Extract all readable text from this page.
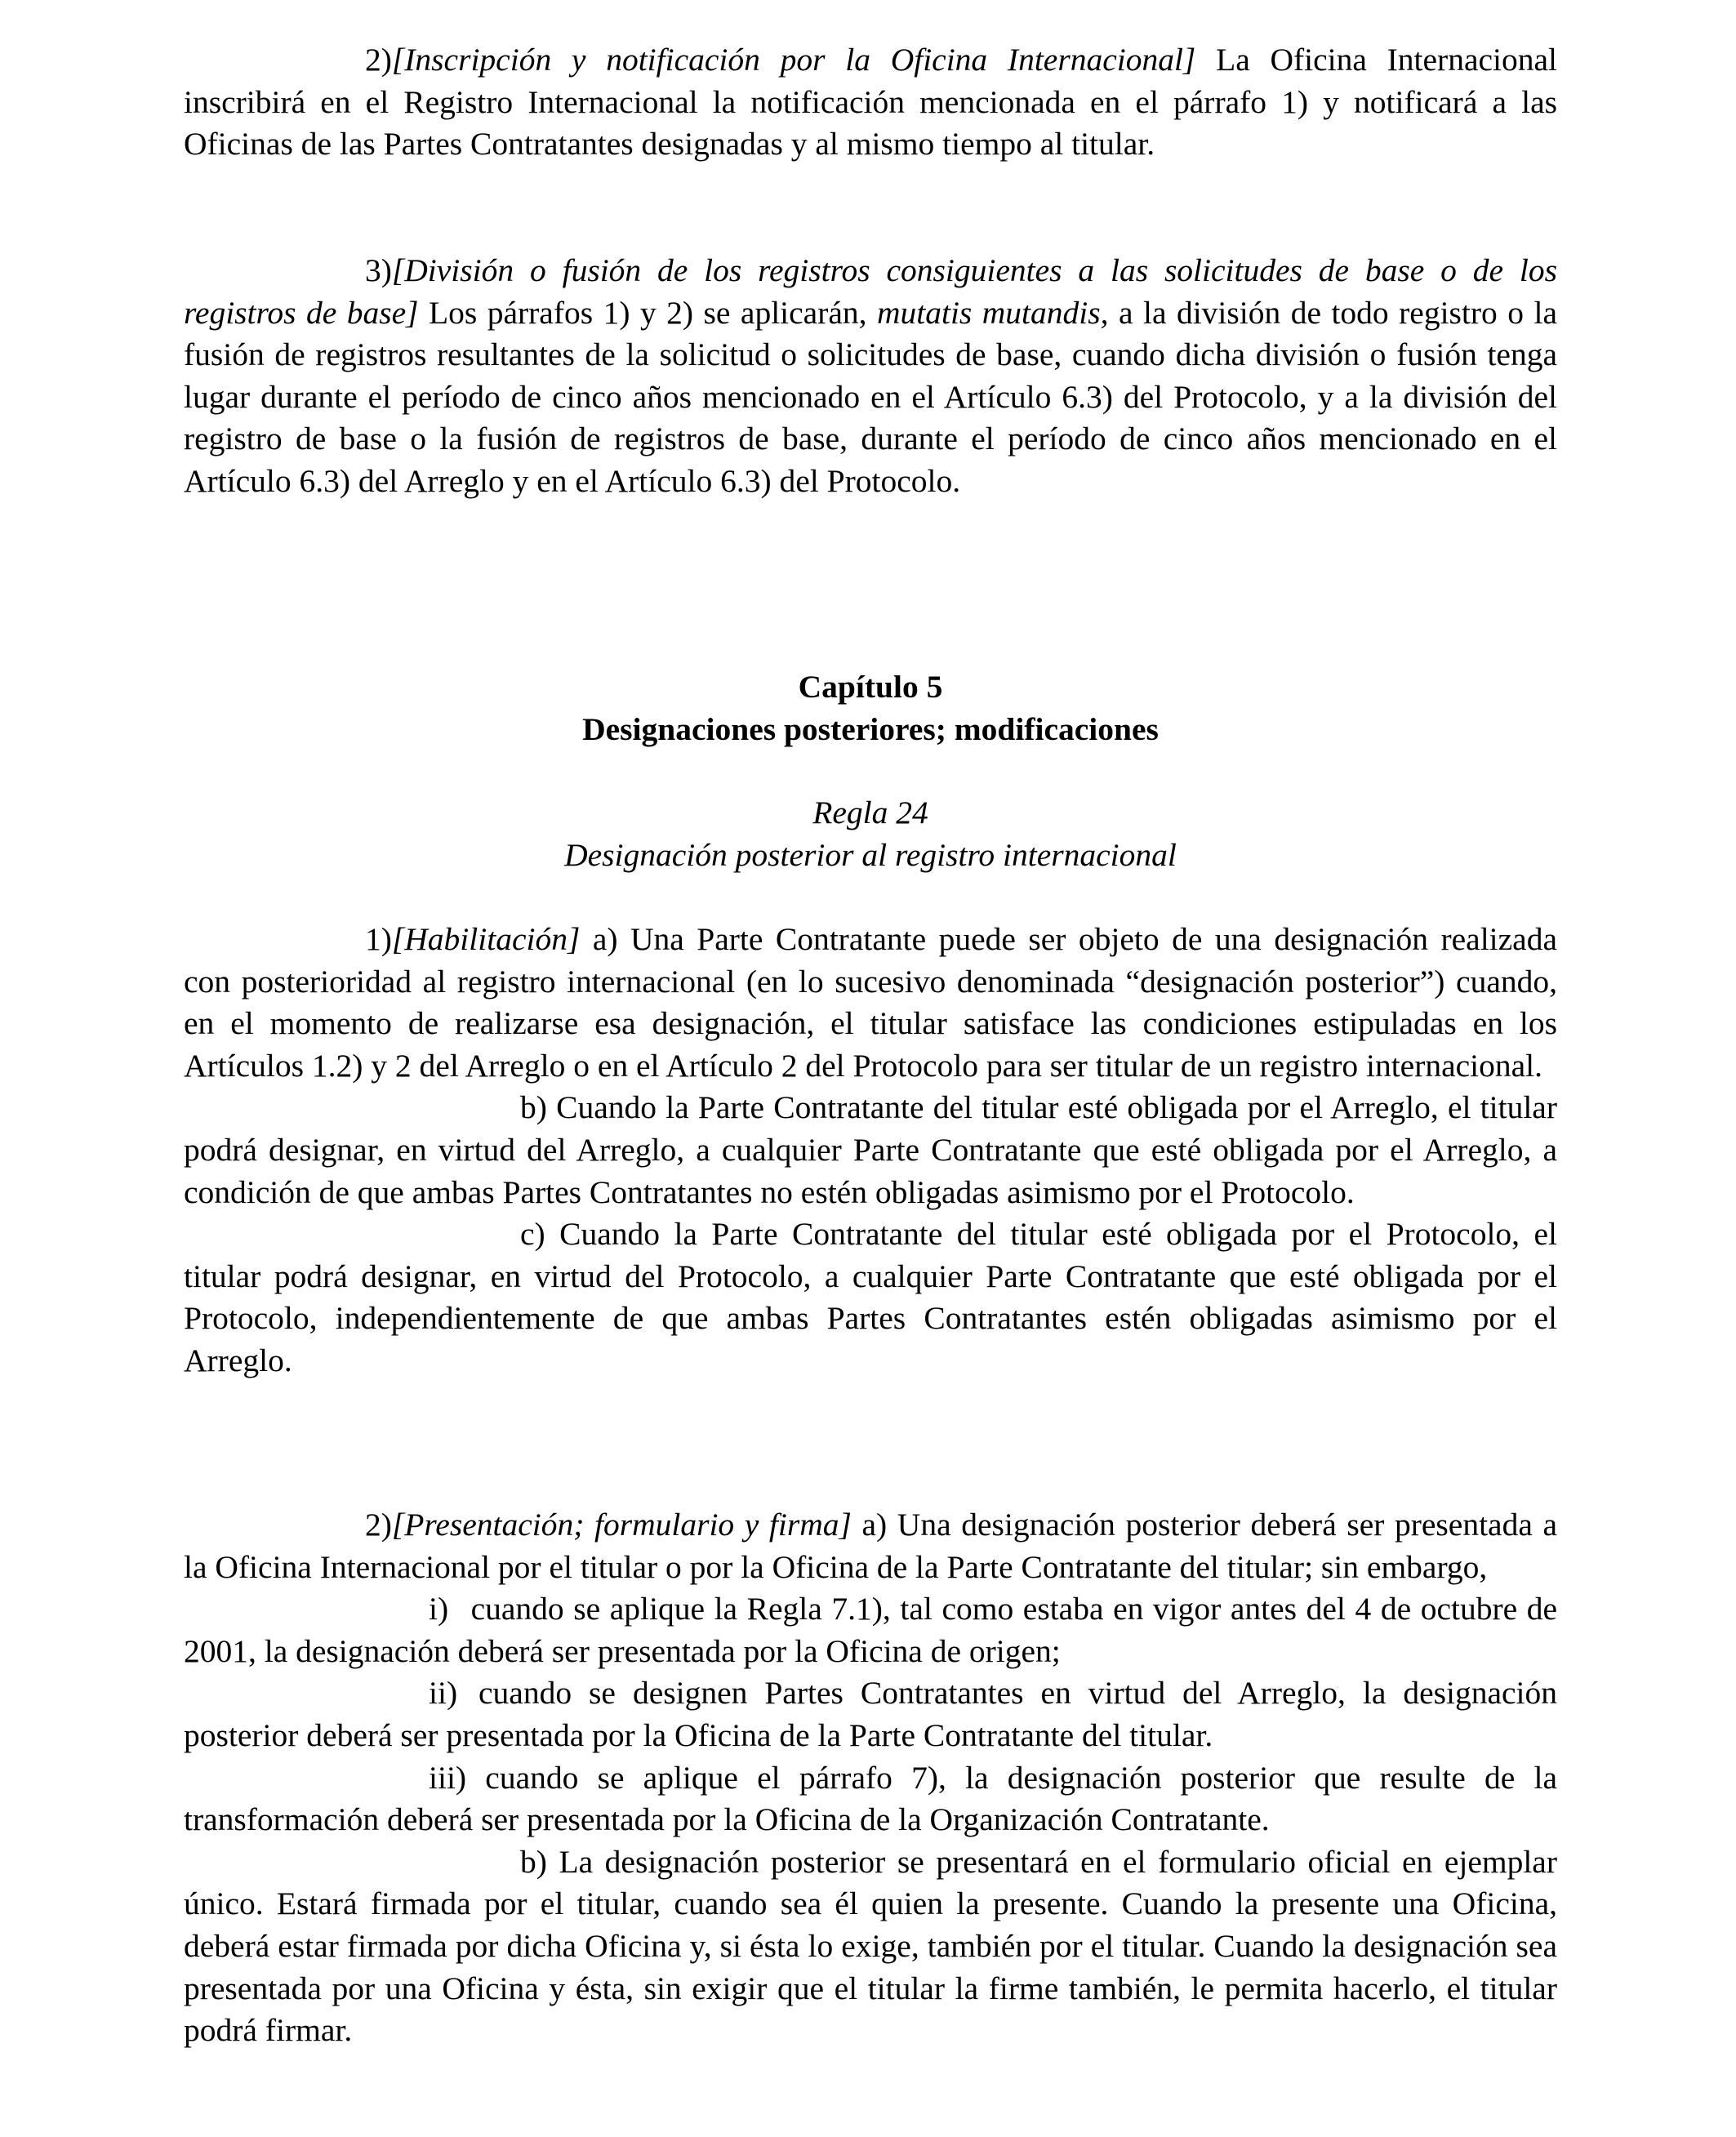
2)[Inscripción y notificación por la Oficina Internacional] La Oficina Internacional inscribirá en el Registro Internacional la notificación mencionada en el párrafo 1) y notificará a las Oficinas de las Partes Contratantes designadas y al mismo tiempo al titular.

3)[División o fusión de los registros consiguientes a las solicitudes de base o de los registros de base] Los párrafos 1) y 2) se aplicarán, mutatis mutandis, a la división de todo registro o la fusión de registros resultantes de la solicitud o solicitudes de base, cuando dicha división o fusión tenga lugar durante el período de cinco años mencionado en el Artículo 6.3) del Protocolo, y a la división del registro de base o la fusión de registros de base, durante el período de cinco años mencionado en el Artículo 6.3) del Arreglo y en el Artículo 6.3) del Protocolo.

Capítulo 5
Designaciones posteriores; modificaciones
Regla 24
Designación posterior al registro internacional

1)[Habilitación] a) Una Parte Contratante puede ser objeto de una designación realizada con posterioridad al registro internacional (en lo sucesivo denominada “designación posterior”) cuando, en el momento de realizarse esa designación, el titular satisface las condiciones estipuladas en los Artículos 1.2) y 2 del Arreglo o en el Artículo 2 del Protocolo para ser titular de un registro internacional.

b) Cuando la Parte Contratante del titular esté obligada por el Arreglo, el titular podrá designar, en virtud del Arreglo, a cualquier Parte Contratante que esté obligada por el Arreglo, a condición de que ambas Partes Contratantes no estén obligadas asimismo por el Protocolo.

c) Cuando la Parte Contratante del titular esté obligada por el Protocolo, el titular podrá designar, en virtud del Protocolo, a cualquier Parte Contratante que esté obligada por el Protocolo, independientemente de que ambas Partes Contratantes estén obligadas asimismo por el Arreglo.

2)[Presentación; formulario y firma] a) Una designación posterior deberá ser presentada a la Oficina Internacional por el titular o por la Oficina de la Parte Contratante del titular; sin embargo,

i) cuando se aplique la Regla 7.1), tal como estaba en vigor antes del 4 de octubre de 2001, la designación deberá ser presentada por la Oficina de origen;

ii) cuando se designen Partes Contratantes en virtud del Arreglo, la designación posterior deberá ser presentada por la Oficina de la Parte Contratante del titular.

iii) cuando se aplique el párrafo 7), la designación posterior que resulte de la transformación deberá ser presentada por la Oficina de la Organización Contratante.

b) La designación posterior se presentará en el formulario oficial en ejemplar único. Estará firmada por el titular, cuando sea él quien la presente. Cuando la presente una Oficina, deberá estar firmada por dicha Oficina y, si ésta lo exige, también por el titular. Cuando la designación sea presentada por una Oficina y ésta, sin exigir que el titular la firme también, le permita hacerlo, el titular podrá firmar.
